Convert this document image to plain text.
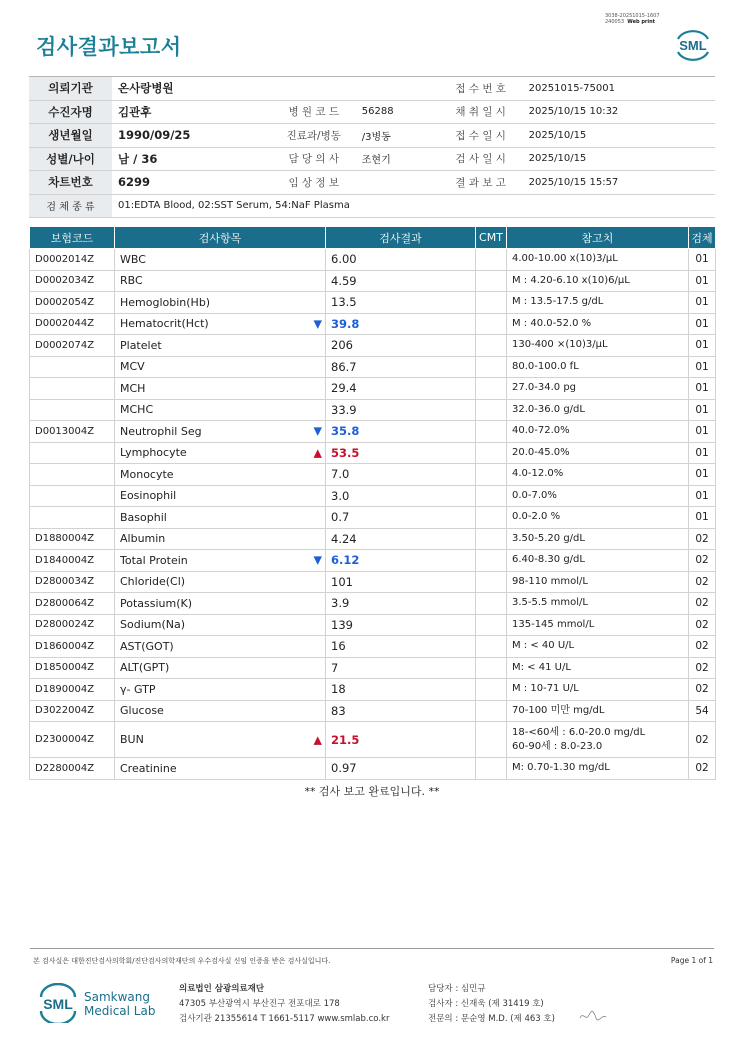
3038-20251015-1607
240053 Web print
검사결과보고서	SML
의뢰기관	온사랑병원			접 수 번 호	20251015-75001
수진자명	김관후	병 원 코 드	56288	채 취 일 시	2025/10/15 10:32
생년월일	1990/09/25	진료과/병동	/3병동	접 수 일 시	2025/10/15
성별/나이	남 / 36	담 당 의 사	조현기	검 사 일 시	2025/10/15
차트번호	6299	임 상 정 보		결 과 보 고	2025/10/15 15:57
검 체 종 류	01:EDTA Blood, 02:SST Serum, 54:NaF Plasma				
보험코드	검사항목	검사결과	CMT	참고치	검체
D0002014Z	WBC	6.00		4.00-10.00 x(10)3/μL	01
D0002034Z	RBC	4.59		M : 4.20-6.10 x(10)6/μL	01
D0002054Z	Hemoglobin(Hb)	13.5		M : 13.5-17.5 g/dL	01
D0002044Z	Hematocrit(Hct) ▼	39.8		M : 40.0-52.0 %	01
D0002074Z	Platelet	206		130-400 ×(10)3/μL	01
	MCV	86.7		80.0-100.0 fL	01
	MCH	29.4		27.0-34.0 pg	01
	MCHC	33.9		32.0-36.0 g/dL	01
D0013004Z	Neutrophil Seg ▼	35.8		40.0-72.0%	01
	Lymphocyte ▲	53.5		20.0-45.0%	01
	Monocyte	7.0		4.0-12.0%	01
	Eosinophil	3.0		0.0-7.0%	01
	Basophil	0.7		0.0-2.0 %	01
D1880004Z	Albumin	4.24		3.50-5.20 g/dL	02
D1840004Z	Total Protein ▼	6.12		6.40-8.30 g/dL	02
D2800034Z	Chloride(Cl)	101		98-110 mmol/L	02
D2800064Z	Potassium(K)	3.9		3.5-5.5 mmol/L	02
D2800024Z	Sodium(Na)	139		135-145 mmol/L	02
D1860004Z	AST(GOT)	16		M : < 40 U/L	02
D1850004Z	ALT(GPT)	7		M: < 41 U/L	02
D1890004Z	γ- GTP	18		M : 10-71 U/L	02
D3022004Z	Glucose	83		70-100 미만 mg/dL	54
D2300004Z	BUN ▲	21.5		18-<60세 : 6.0-20.0 mg/dL
60-90세 : 8.0-23.0	02
D2280004Z	Creatinine	0.97		M: 0.70-1.30 mg/dL	02
** 검사 보고 완료입니다. **
본 검사실은 대한진단검사의학회/진단검사의학재단의 우수검사실 신임 인증을 받은 검사실입니다.	Page 1 of 1
SML Samkwang
Medical Lab
의료법인 삼광의료재단
47305 부산광역시 부산진구 전포대로 178
검사기관 21355614 T 1661-5117 www.smlab.co.kr
담당자 : 심민규
검사자 : 신재욱 (제 31419 호)
전문의 : 문순영 M.D. (제 463 호)
